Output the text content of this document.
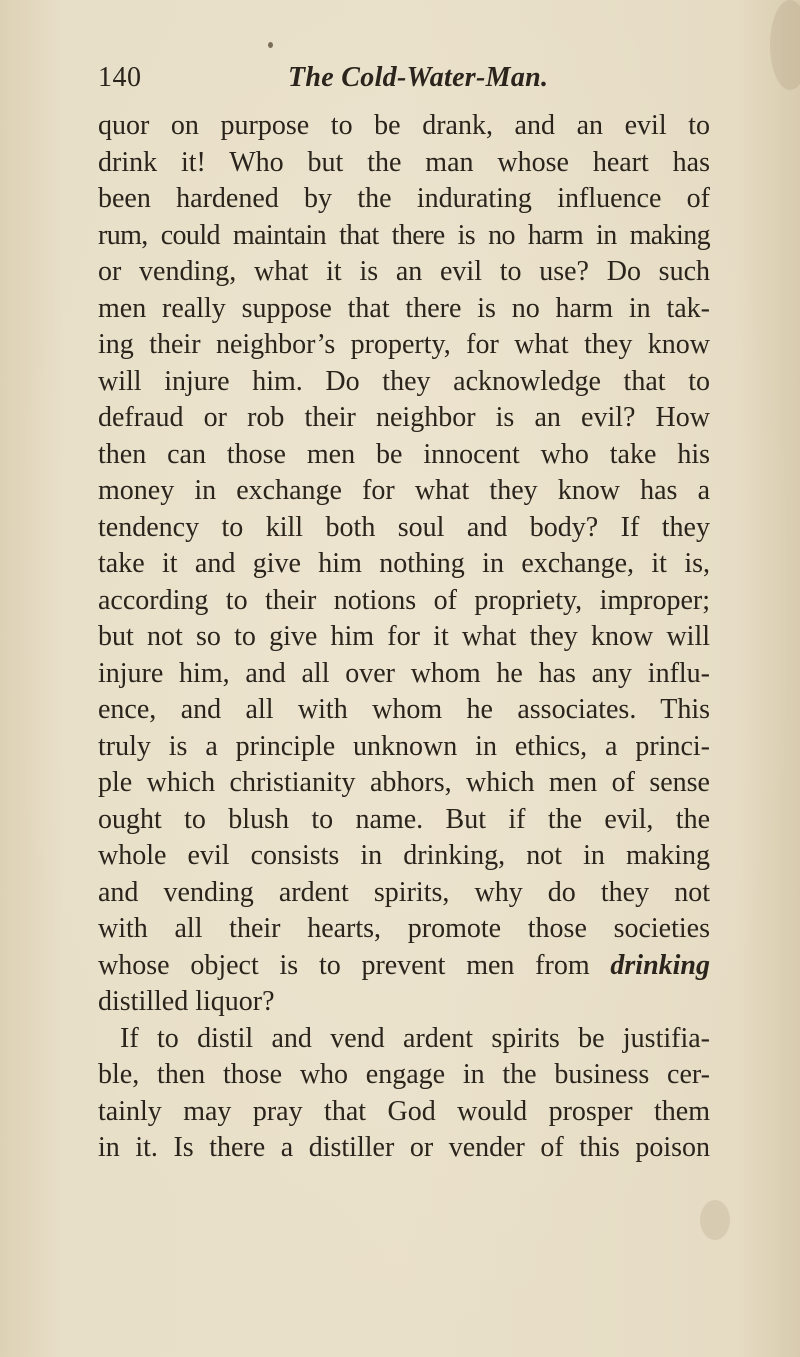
140	The Cold-Water-Man.
quor on purpose to be drank, and an evil to
drink it! Who but the man whose heart has
been hardened by the indurating influence of
rum, could maintain that there is no harm in making
or vending, what it is an evil to use? Do such
men really suppose that there is no harm in tak-
ing their neighbor’s property, for what they know
will injure him. Do they acknowledge that to
defraud or rob their neighbor is an evil? How
then can those men be innocent who take his
money in exchange for what they know has a
tendency to kill both soul and body? If they
take it and give him nothing in exchange, it is,
according to their notions of propriety, improper;
but not so to give him for it what they know will
injure him, and all over whom he has any influ-
ence, and all with whom he associates. This
truly is a principle unknown in ethics, a princi-
ple which christianity abhors, which men of sense
ought to blush to name. But if the evil, the
whole evil consists in drinking, not in making
and vending ardent spirits, why do they not
with all their hearts, promote those societies
whose object is to prevent men from drinking
distilled liquor?
If to distil and vend ardent spirits be justifia-
ble, then those who engage in the business cer-
tainly may pray that God would prosper them
in it. Is there a distiller or vender of this poison
